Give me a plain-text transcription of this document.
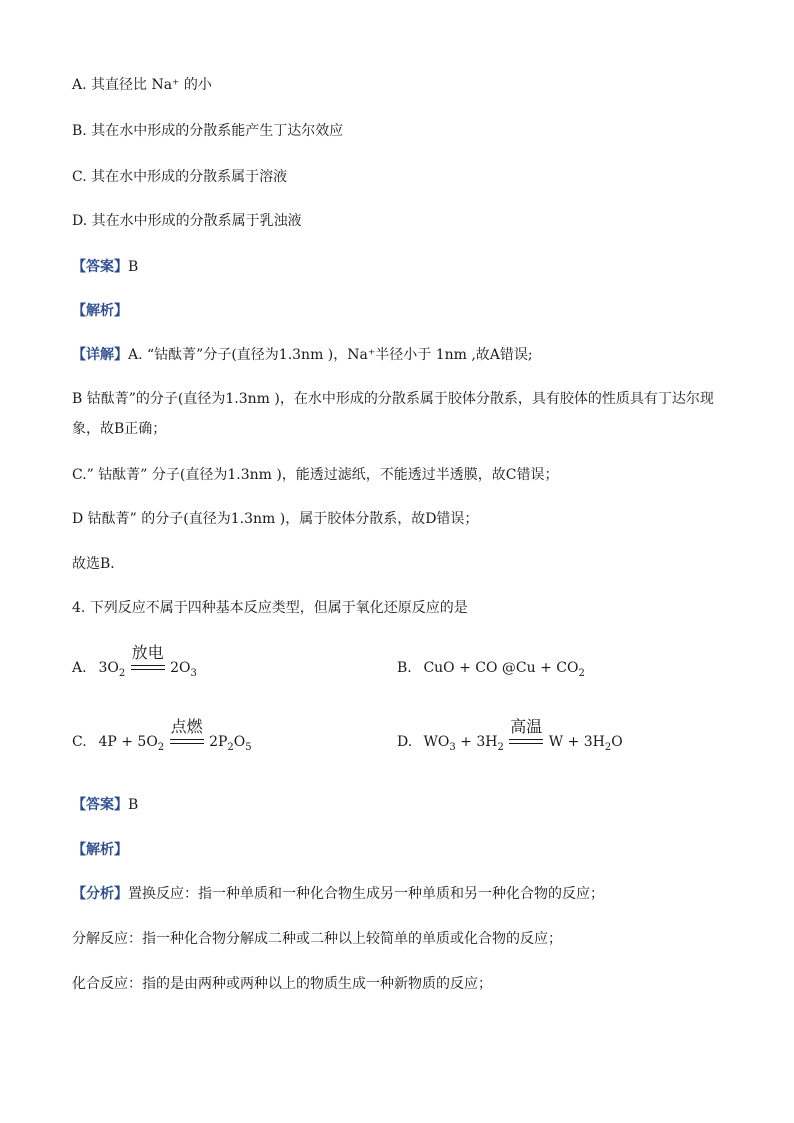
A. 其直径比 Na⁺ 的小
B. 其在水中形成的分散系能产生丁达尔效应
C. 其在水中形成的分散系属于溶液
D. 其在水中形成的分散系属于乳浊液
【答案】B
【解析】
【详解】A. “钴酞菁”分子(直径为1.3nm )，Na⁺半径小于 1nm ,故A错误;
B 钴酞菁”的分子(直径为1.3nm )，在水中形成的分散系属于胶体分散系，具有胶体的性质具有丁达尔现象，故B正确；
C.” 钴酞菁” 分子(直径为1.3nm )，能透过滤纸，不能透过半透膜，故C错误；
D 钴酞菁” 的分子(直径为1.3nm )，属于胶体分散系，故D错误；
故选B．
4. 下列反应不属于四种基本反应类型，但属于氧化还原反应的是
A. $3O_2$
放电
$2O_3$	B. CuO + CO @Cu + $CO_2$
C. $4P + 5O_2$
点燃
$2P_2O_5$	D. $WO_3 + 3H_2$
高温
$W + 3H_2O$
【答案】B
【解析】
【分析】置换反应：指一种单质和一种化合物生成另一种单质和另一种化合物的反应；
分解反应：指一种化合物分解成二种或二种以上较简单的单质或化合物的反应；
化合反应：指的是由两种或两种以上的物质生成一种新物质的反应；
